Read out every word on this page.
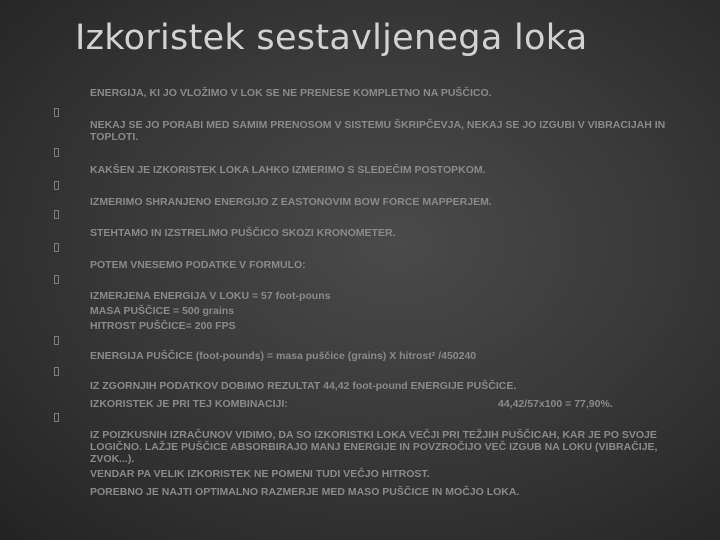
Izkoristek sestavljenega loka
ENERGIJA, KI JO VLOŽIMO V LOK SE NE PRENESE KOMPLETNO NA PUŠČICO.
NEKAJ SE JO PORABI MED SAMIM PRENOSOM V SISTEMU ŠKRIPČEVJA, NEKAJ SE JO IZGUBI V VIBRACIJAH IN TOPLOTI.
KAKŠEN JE IZKORISTEK LOKA LAHKO IZMERIMO S SLEDEČIM POSTOPKOM.
IZMERIMO SHRANJENO ENERGIJO Z EASTONOVIM BOW FORCE MAPPERJEM.
STEHTAMO IN IZSTRELIMO PUŠČICO SKOZI KRONOMETER.
POTEM VNESEMO PODATKE V FORMULO:
IZMERJENA ENERGIJA V LOKU = 57 foot-pouns
MASA PUŠČICE = 500 grains
HITROST PUŠČICE= 200 FPS
ENERGIJA PUŠČICE (foot-pounds) = masa puščice (grains) X hitrost² /450240
IZ ZGORNJIH PODATKOV DOBIMO REZULTAT 44,42 foot-pound ENERGIJE PUŠČICE.
IZKORISTEK JE PRI TEJ KOMBINACIJI:	44,42/57x100 = 77,90%.
IZ POIZKUSNIH IZRAČUNOV VIDIMO, DA SO IZKORISTKI LOKA VEČJI PRI TEŽJIH PUŠČICAH, KAR JE PO SVOJE LOGIČNO. LAŽJE PUŠČICE ABSORBIRAJO MANJ ENERGIJE IN POVZROČIJO VEČ IZGUB NA LOKU (VIBRAČIJE, ZVOK...).
VENDAR PA VELIK IZKORISTEK NE POMENI TUDI VEČJO HITROST.
POREBNO JE NAJTI OPTIMALNO RAZMERJE MED MASO PUŠČICE IN MOČJO LOKA.
